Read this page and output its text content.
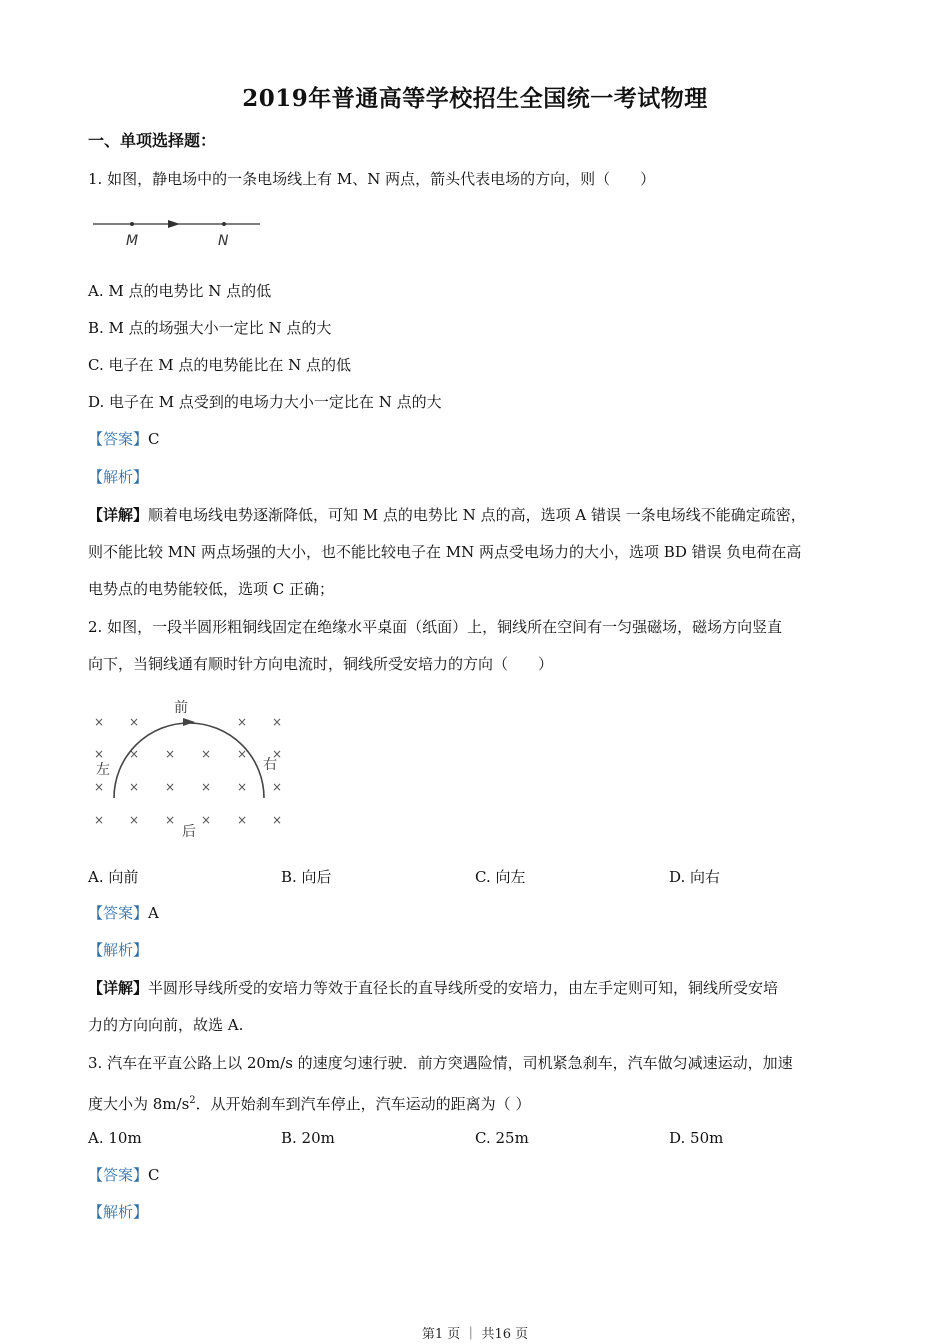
2019年普通高等学校招生全国统一考试物理
一、单项选择题：
1. 如图，静电场中的一条电场线上有 M、N 两点，箭头代表电场的方向，则（　　）
M	N
A. M 点的电势比 N 点的低
B. M 点的场强大小一定比 N 点的大
C. 电子在 M 点的电势能比在 N 点的低
D. 电子在 M 点受到的电场力大小一定比在 N 点的大
【答案】C
【解析】
【详解】顺着电场线电势逐渐降低，可知 M 点的电势比 N 点的高，选项 A 错误 一条电场线不能确定疏密，
则不能比较 MN 两点场强的大小，也不能比较电子在 MN 两点受电场力的大小，选项 BD 错误 负电荷在高
电势点的电势能较低，选项 C 正确；
2. 如图，一段半圆形粗铜线固定在绝缘水平桌面（纸面）上，铜线所在空间有一匀强磁场，磁场方向竖直
向下，当铜线通有顺时针方向电流时，铜线所受安培力的方向（　　）
× ×	× ×
× × × × × ×
× × × × × ×
× × × × × ×
前
后
左	右
A. 向前	B. 向后	C. 向左	D. 向右
【答案】A
【解析】
【详解】半圆形导线所受的安培力等效于直径长的直导线所受的安培力，由左手定则可知，铜线所受安培
力的方向向前，故选 A.
3. 汽车在平直公路上以 20m/s 的速度匀速行驶．前方突遇险情，司机紧急刹车，汽车做匀减速运动，加速
度大小为 $8m/s^2$．从开始刹车到汽车停止，汽车运动的距离为（ ）
A. 10m	B. 20m	C. 25m	D. 50m
【答案】C
【解析】
第1 页 ｜ 共16 页
